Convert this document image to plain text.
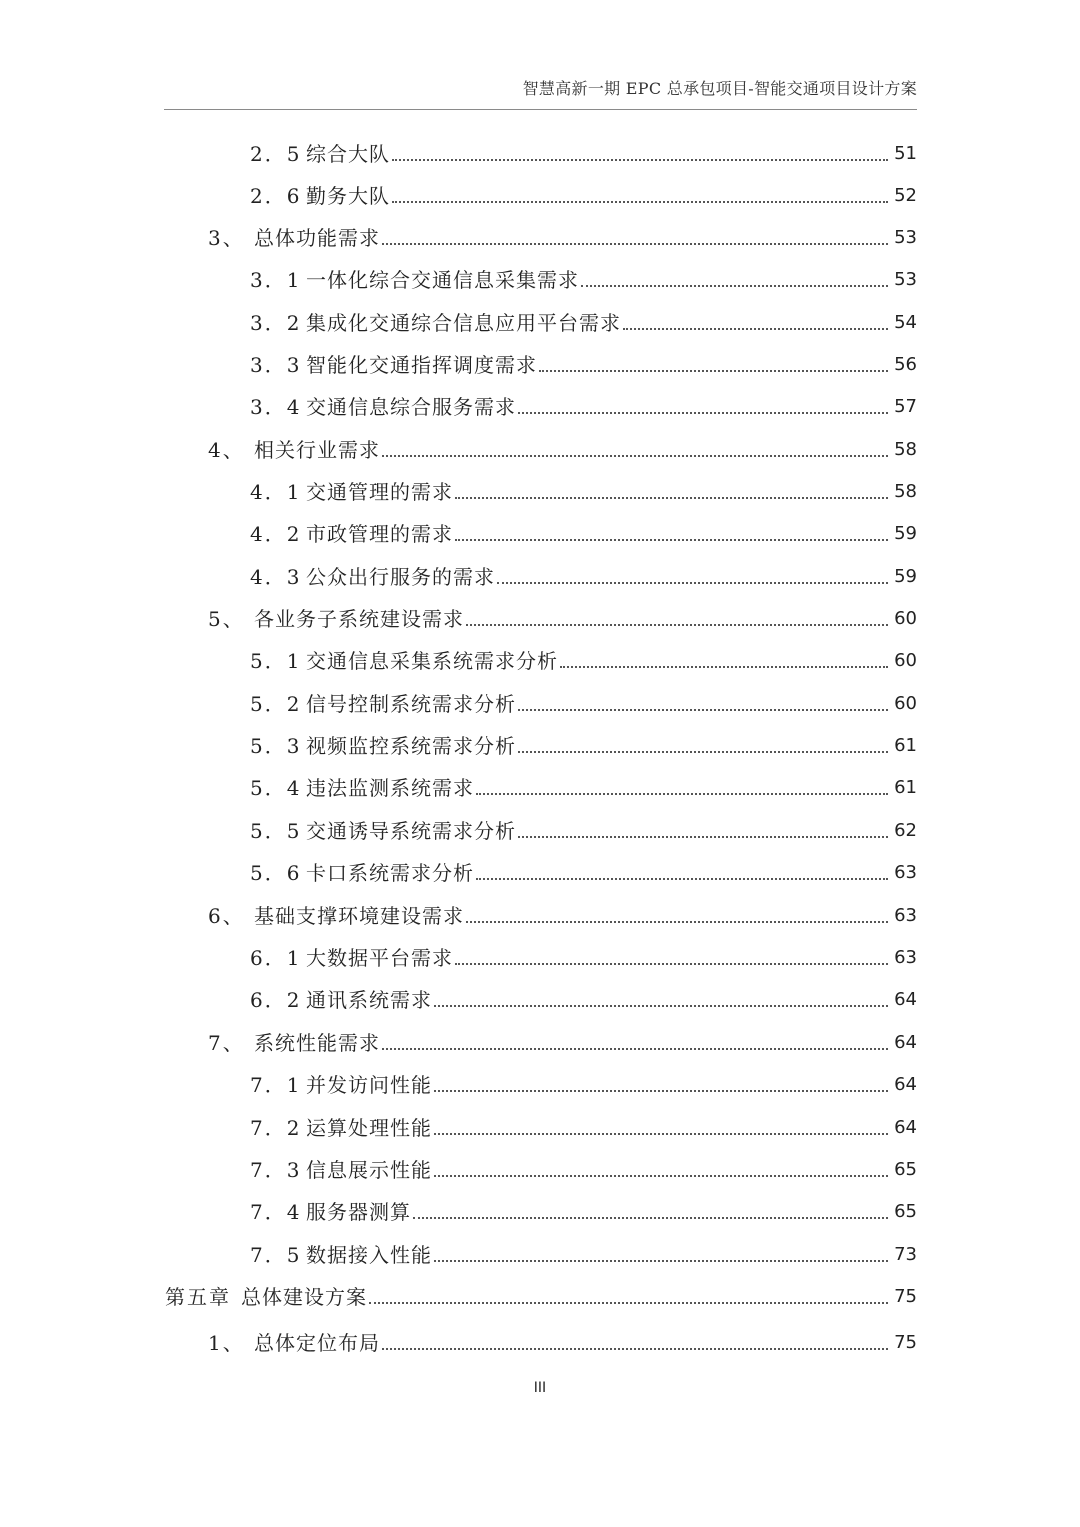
智慧高新一期 EPC 总承包项目-智能交通项目设计方案
2．5 综合大队	51
2．6 勤务大队	52
3、 总体功能需求	53
3．1 一体化综合交通信息采集需求	53
3．2 集成化交通综合信息应用平台需求	54
3．3 智能化交通指挥调度需求	56
3．4 交通信息综合服务需求	57
4、 相关行业需求	58
4．1 交通管理的需求	58
4．2 市政管理的需求	59
4．3 公众出行服务的需求	59
5、 各业务子系统建设需求	60
5．1 交通信息采集系统需求分析	60
5．2 信号控制系统需求分析	60
5．3 视频监控系统需求分析	61
5．4 违法监测系统需求	61
5．5 交通诱导系统需求分析	62
5．6 卡口系统需求分析	63
6、 基础支撑环境建设需求	63
6．1 大数据平台需求	63
6．2 通讯系统需求	64
7、 系统性能需求	64
7．1 并发访问性能	64
7．2 运算处理性能	64
7．3 信息展示性能	65
7．4 服务器测算	65
7．5 数据接入性能	73
第五章 总体建设方案	75
1、 总体定位布局	75
III
